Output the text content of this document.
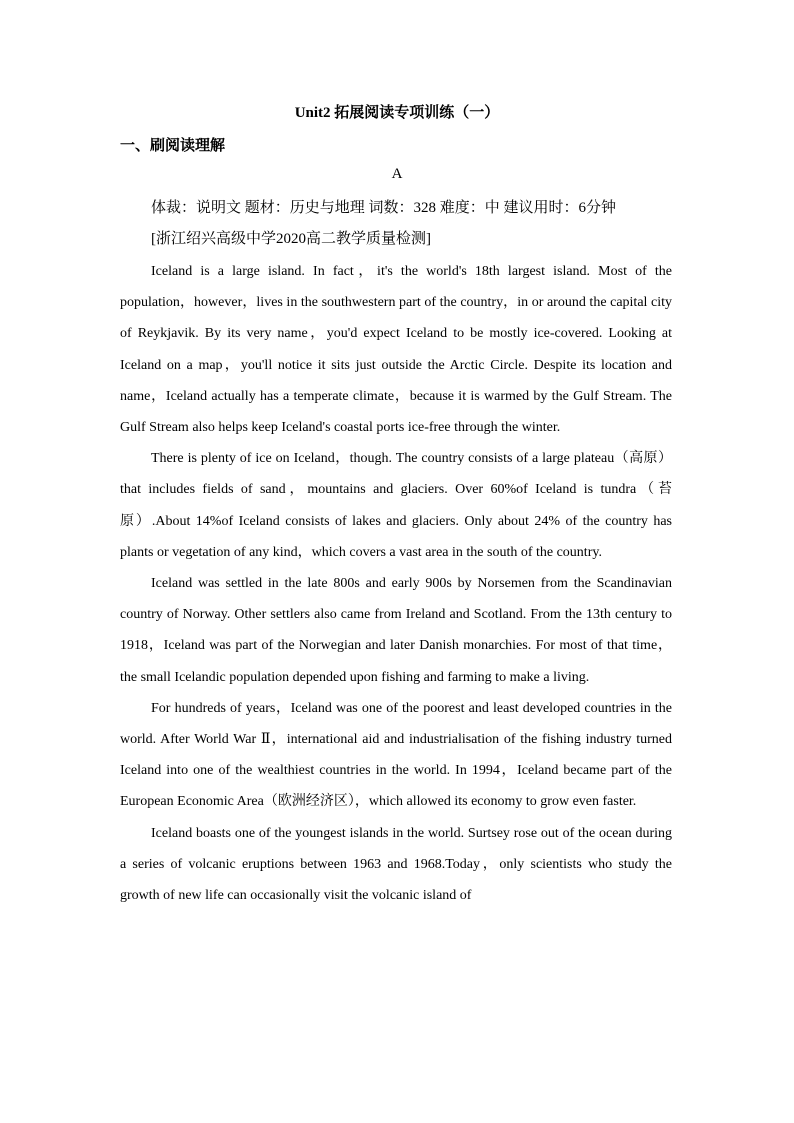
Unit2 拓展阅读专项训练（一）
一、刷阅读理解
A
体裁：说明文 题材：历史与地理 词数：328 难度：中 建议用时：6分钟
[浙江绍兴高级中学2020高二教学质量检测]

Iceland is a large island. In fact，it's the world's 18th largest island. Most of the population，however，lives in the southwestern part of the country，in or around the capital city of Reykjavik. By its very name，you'd expect Iceland to be mostly ice-covered. Looking at Iceland on a map，you'll notice it sits just outside the Arctic Circle. Despite its location and name，Iceland actually has a temperate climate，because it is warmed by the Gulf Stream. The Gulf Stream also helps keep Iceland's coastal ports ice-free through the winter.

There is plenty of ice on Iceland，though. The country consists of a large plateau（高原）that includes fields of sand，mountains and glaciers. Over 60%of Iceland is tundra（苔原）.About 14%of Iceland consists of lakes and glaciers. Only about 24% of the country has plants or vegetation of any kind，which covers a vast area in the south of the country.

Iceland was settled in the late 800s and early 900s by Norsemen from the Scandinavian country of Norway. Other settlers also came from Ireland and Scotland. From the 13th century to 1918，Iceland was part of the Norwegian and later Danish monarchies. For most of that time，the small Icelandic population depended upon fishing and farming to make a living.

For hundreds of years，Iceland was one of the poorest and least developed countries in the world. After World War Ⅱ，international aid and industrialisation of the fishing industry turned Iceland into one of the wealthiest countries in the world. In 1994，Iceland became part of the European Economic Area（欧洲经济区），which allowed its economy to grow even faster.

Iceland boasts one of the youngest islands in the world. Surtsey rose out of the ocean during a series of volcanic eruptions between 1963 and 1968.Today，only scientists who study the growth of new life can occasionally visit the volcanic island of
